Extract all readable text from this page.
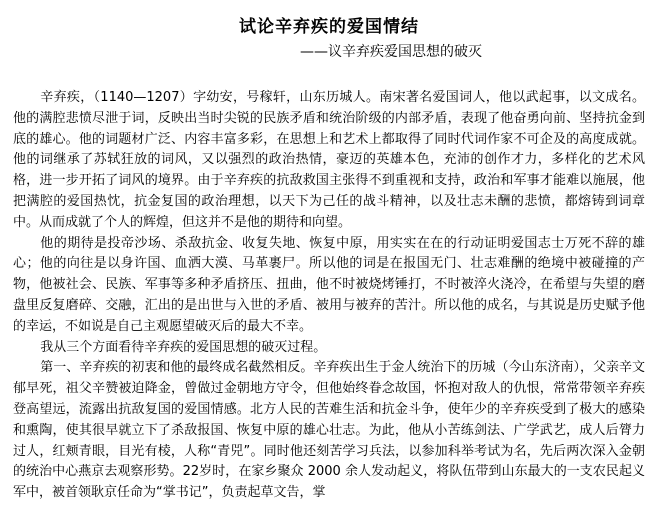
试论辛弃疾的爱国情结

——议辛弃疾爱国思想的破灭

辛弃疾，（1140—1207）字幼安，号稼轩，山东历城人。南宋著名爱国词人，他以武起事，以文成名。他的满腔悲愤尽泄于词，反映出当时尖锐的民族矛盾和统治阶级的内部矛盾，表现了他奋勇向前、坚持抗金到底的雄心。他的词题材广泛、内容丰富多彩，在思想上和艺术上都取得了同时代词作家不可企及的高度成就。他的词继承了苏轼狂放的词风，又以强烈的政治热情，豪迈的英雄本色，充沛的创作才力，多样化的艺术风格，进一步开拓了词风的境界。由于辛弃疾的抗敌救国主张得不到重视和支持，政治和军事才能难以施展，他把满腔的爱国热忱，抗金复国的政治理想，以天下为己任的战斗精神，以及壮志未酬的悲愤，都熔铸到词章中。从而成就了个人的辉煌，但这并不是他的期待和向望。

他的期待是投帝沙场、杀敌抗金、收复失地、恢复中原，用实实在在的行动证明爱国志士万死不辞的雄心；他的向往是以身许国、血洒大漠、马革裹尸。所以他的词是在报国无门、壮志难酬的绝境中被碰撞的产物，他被社会、民族、军事等多种矛盾挤压、扭曲，他不时被烧烤锤打，不时被淬火浇冷，在希望与失望的磨盘里反复磨碎、交融，汇出的是出世与入世的矛盾、被用与被弃的苦汁。所以他的成名，与其说是历史赋予他的幸运，不如说是自己主观愿望破灭后的最大不幸。

我从三个方面看待辛弃疾的爱国思想的破灭过程。

第一、辛弃疾的初衷和他的最终成名截然相反。辛弃疾出生于金人统治下的历城（今山东济南），父亲辛文郁早死，祖父辛赞被迫降金，曾做过金朝地方守令，但他始终眷念故国，怀抱对敌人的仇恨，常常带领辛弃疾登高望远，流露出抗敌复国的爱国情感。北方人民的苦难生活和抗金斗争，使年少的辛弃疾受到了极大的感染和熏陶，使其很早就立下了杀敌报国、恢复中原的雄心壮志。为此，他从小苦练剑法、广学武艺，成人后膂力过人，红颊青眼，目光有棱，人称“青兕”。同时他还刻苦学习兵法，以参加科举考试为名，先后两次深入金朝的统治中心燕京去观察形势。22岁时，在家乡聚众 2000 余人发动起义，将队伍带到山东最大的一支农民起义军中，被首领耿京任命为“掌书记”，负责起草文告，掌
